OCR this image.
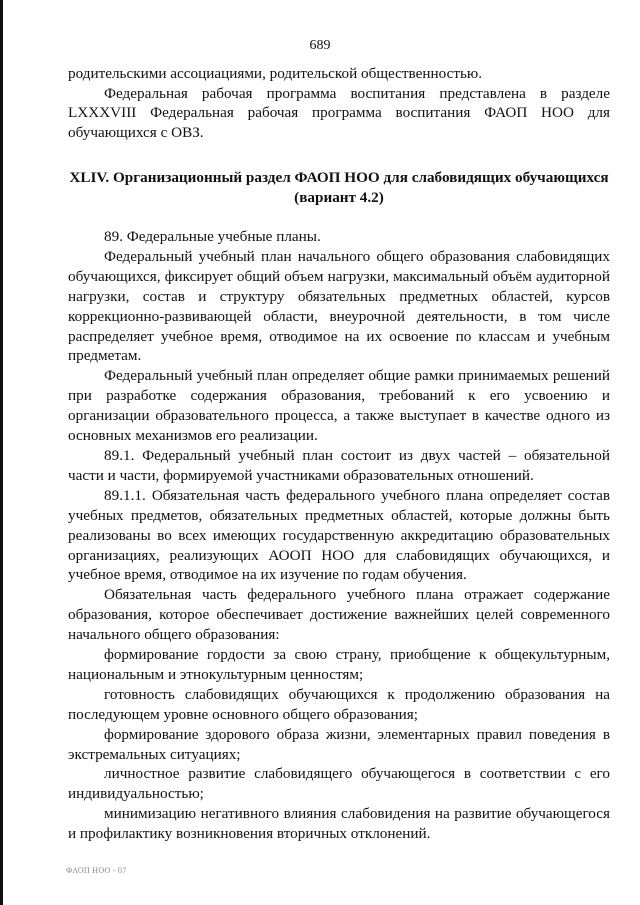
689

родительскими ассоциациями, родительской общественностью.

Федеральная рабочая программа воспитания представлена в разделе LXXXVIII Федеральная рабочая программа воспитания ФАОП НОО для обучающихся с ОВЗ.

XLIV. Организационный раздел ФАОП НОО для слабовидящих обучающихся
(вариант 4.2)

89. Федеральные учебные планы.

Федеральный учебный план начального общего образования слабовидящих обучающихся, фиксирует общий объем нагрузки, максимальный объём аудиторной нагрузки, состав и структуру обязательных предметных областей, курсов коррекционно-развивающей области, внеурочной деятельности, в том числе распределяет учебное время, отводимое на их освоение по классам и учебным предметам.

Федеральный учебный план определяет общие рамки принимаемых решений при разработке содержания образования, требований к его усвоению и организации образовательного процесса, а также выступает в качестве одного из основных механизмов его реализации.

89.1. Федеральный учебный план состоит из двух частей – обязательной части и части, формируемой участниками образовательных отношений.

89.1.1. Обязательная часть федерального учебного плана определяет состав учебных предметов, обязательных предметных областей, которые должны быть реализованы во всех имеющих государственную аккредитацию образовательных организациях, реализующих АООП НОО для слабовидящих обучающихся, и учебное время, отводимое на их изучение по годам обучения.

Обязательная часть федерального учебного плана отражает содержание образования, которое обеспечивает достижение важнейших целей современного начального общего образования:

формирование гордости за свою страну, приобщение к общекультурным, национальным и этнокультурным ценностям;

готовность слабовидящих обучающихся к продолжению образования на последующем уровне основного общего образования;

формирование здорового образа жизни, элементарных правил поведения в экстремальных ситуациях;

личностное развитие слабовидящего обучающегося в соответствии с его индивидуальностью;

минимизацию негативного влияния слабовидения на развитие обучающегося и профилактику возникновения вторичных отклонений.

ФАОП НОО - 07
